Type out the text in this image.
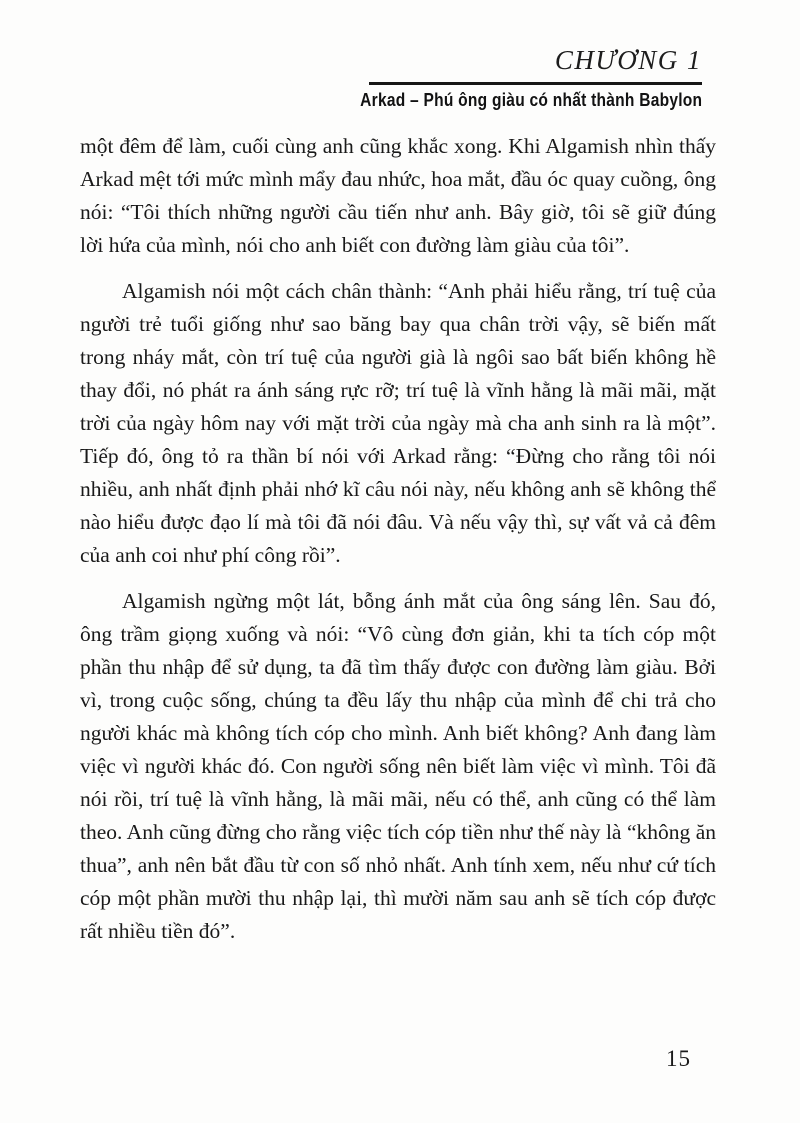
CHƯƠNG 1
Arkad – Phú ông giàu có nhất thành Babylon

một đêm để làm, cuối cùng anh cũng khắc xong. Khi Algamish nhìn thấy Arkad mệt tới mức mình mẩy đau nhức, hoa mắt, đầu óc quay cuồng, ông nói: “Tôi thích những người cầu tiến như anh. Bây giờ, tôi sẽ giữ đúng lời hứa của mình, nói cho anh biết con đường làm giàu của tôi”.

Algamish nói một cách chân thành: “Anh phải hiểu rằng, trí tuệ của người trẻ tuổi giống như sao băng bay qua chân trời vậy, sẽ biến mất trong nháy mắt, còn trí tuệ của người già là ngôi sao bất biến không hề thay đổi, nó phát ra ánh sáng rực rỡ; trí tuệ là vĩnh hằng là mãi mãi, mặt trời của ngày hôm nay với mặt trời của ngày mà cha anh sinh ra là một”. Tiếp đó, ông tỏ ra thần bí nói với Arkad rằng: “Đừng cho rằng tôi nói nhiều, anh nhất định phải nhớ kĩ câu nói này, nếu không anh sẽ không thể nào hiểu được đạo lí mà tôi đã nói đâu. Và nếu vậy thì, sự vất vả cả đêm của anh coi như phí công rồi”.

Algamish ngừng một lát, bỗng ánh mắt của ông sáng lên. Sau đó, ông trầm giọng xuống và nói: “Vô cùng đơn giản, khi ta tích cóp một phần thu nhập để sử dụng, ta đã tìm thấy được con đường làm giàu. Bởi vì, trong cuộc sống, chúng ta đều lấy thu nhập của mình để chi trả cho người khác mà không tích cóp cho mình. Anh biết không? Anh đang làm việc vì người khác đó. Con người sống nên biết làm việc vì mình. Tôi đã nói rồi, trí tuệ là vĩnh hằng, là mãi mãi, nếu có thể, anh cũng có thể làm theo. Anh cũng đừng cho rằng việc tích cóp tiền như thế này là “không ăn thua”, anh nên bắt đầu từ con số nhỏ nhất. Anh tính xem, nếu như cứ tích cóp một phần mười thu nhập lại, thì mười năm sau anh sẽ tích cóp được rất nhiều tiền đó”.

15
